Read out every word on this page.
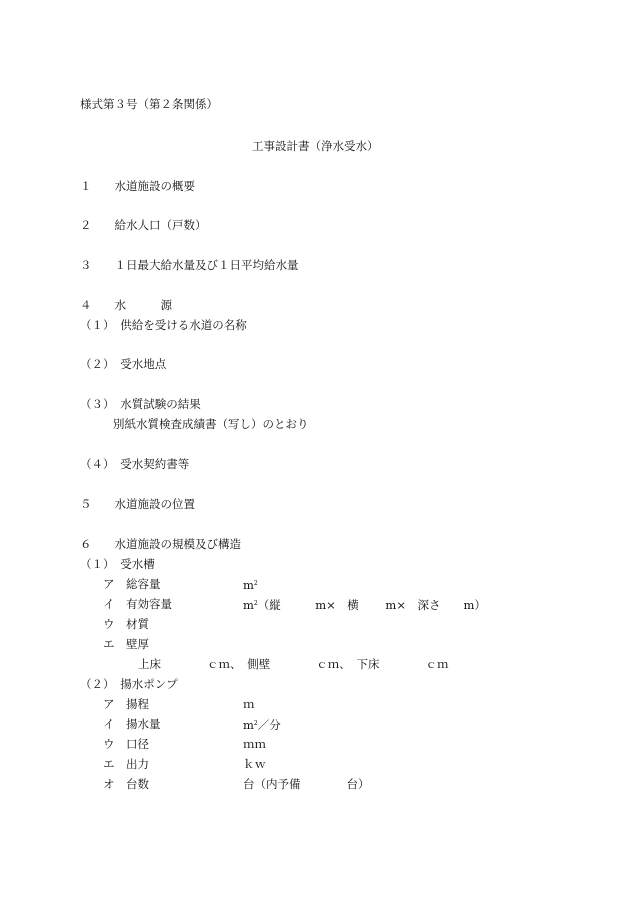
様式第３号（第２条関係）
工事設計書（浄水受水）
１　　水道施設の概要
２　　給水人口（戸数）
３　　１日最大給水量及び１日平均給水量
４　　水　　　源
（１）　供給を受ける水道の名称
（２）　受水地点
（３）　水質試験の結果
別紙水質検査成績書（写し）のとおり
（４）　受水契約書等
５　　水道施設の位置
６　　水道施設の規模及び構造
（１）　受水槽
ア　総容量	$m^2$
イ　有効容量	$m^2$（縦　　　m×　横　　 m×　深さ　　m）
ウ　材質
エ　壁厚
上床　　　　ｃｍ、　側壁　　　　ｃｍ、　下床　　　　ｃｍ
（２）　揚水ポンプ
ア　揚程	ｍ
イ　揚水量	$m^2/$分
ウ　口径	ｍｍ
エ　出力	ｋｗ
オ　台数	台（内予備　　　　台）
